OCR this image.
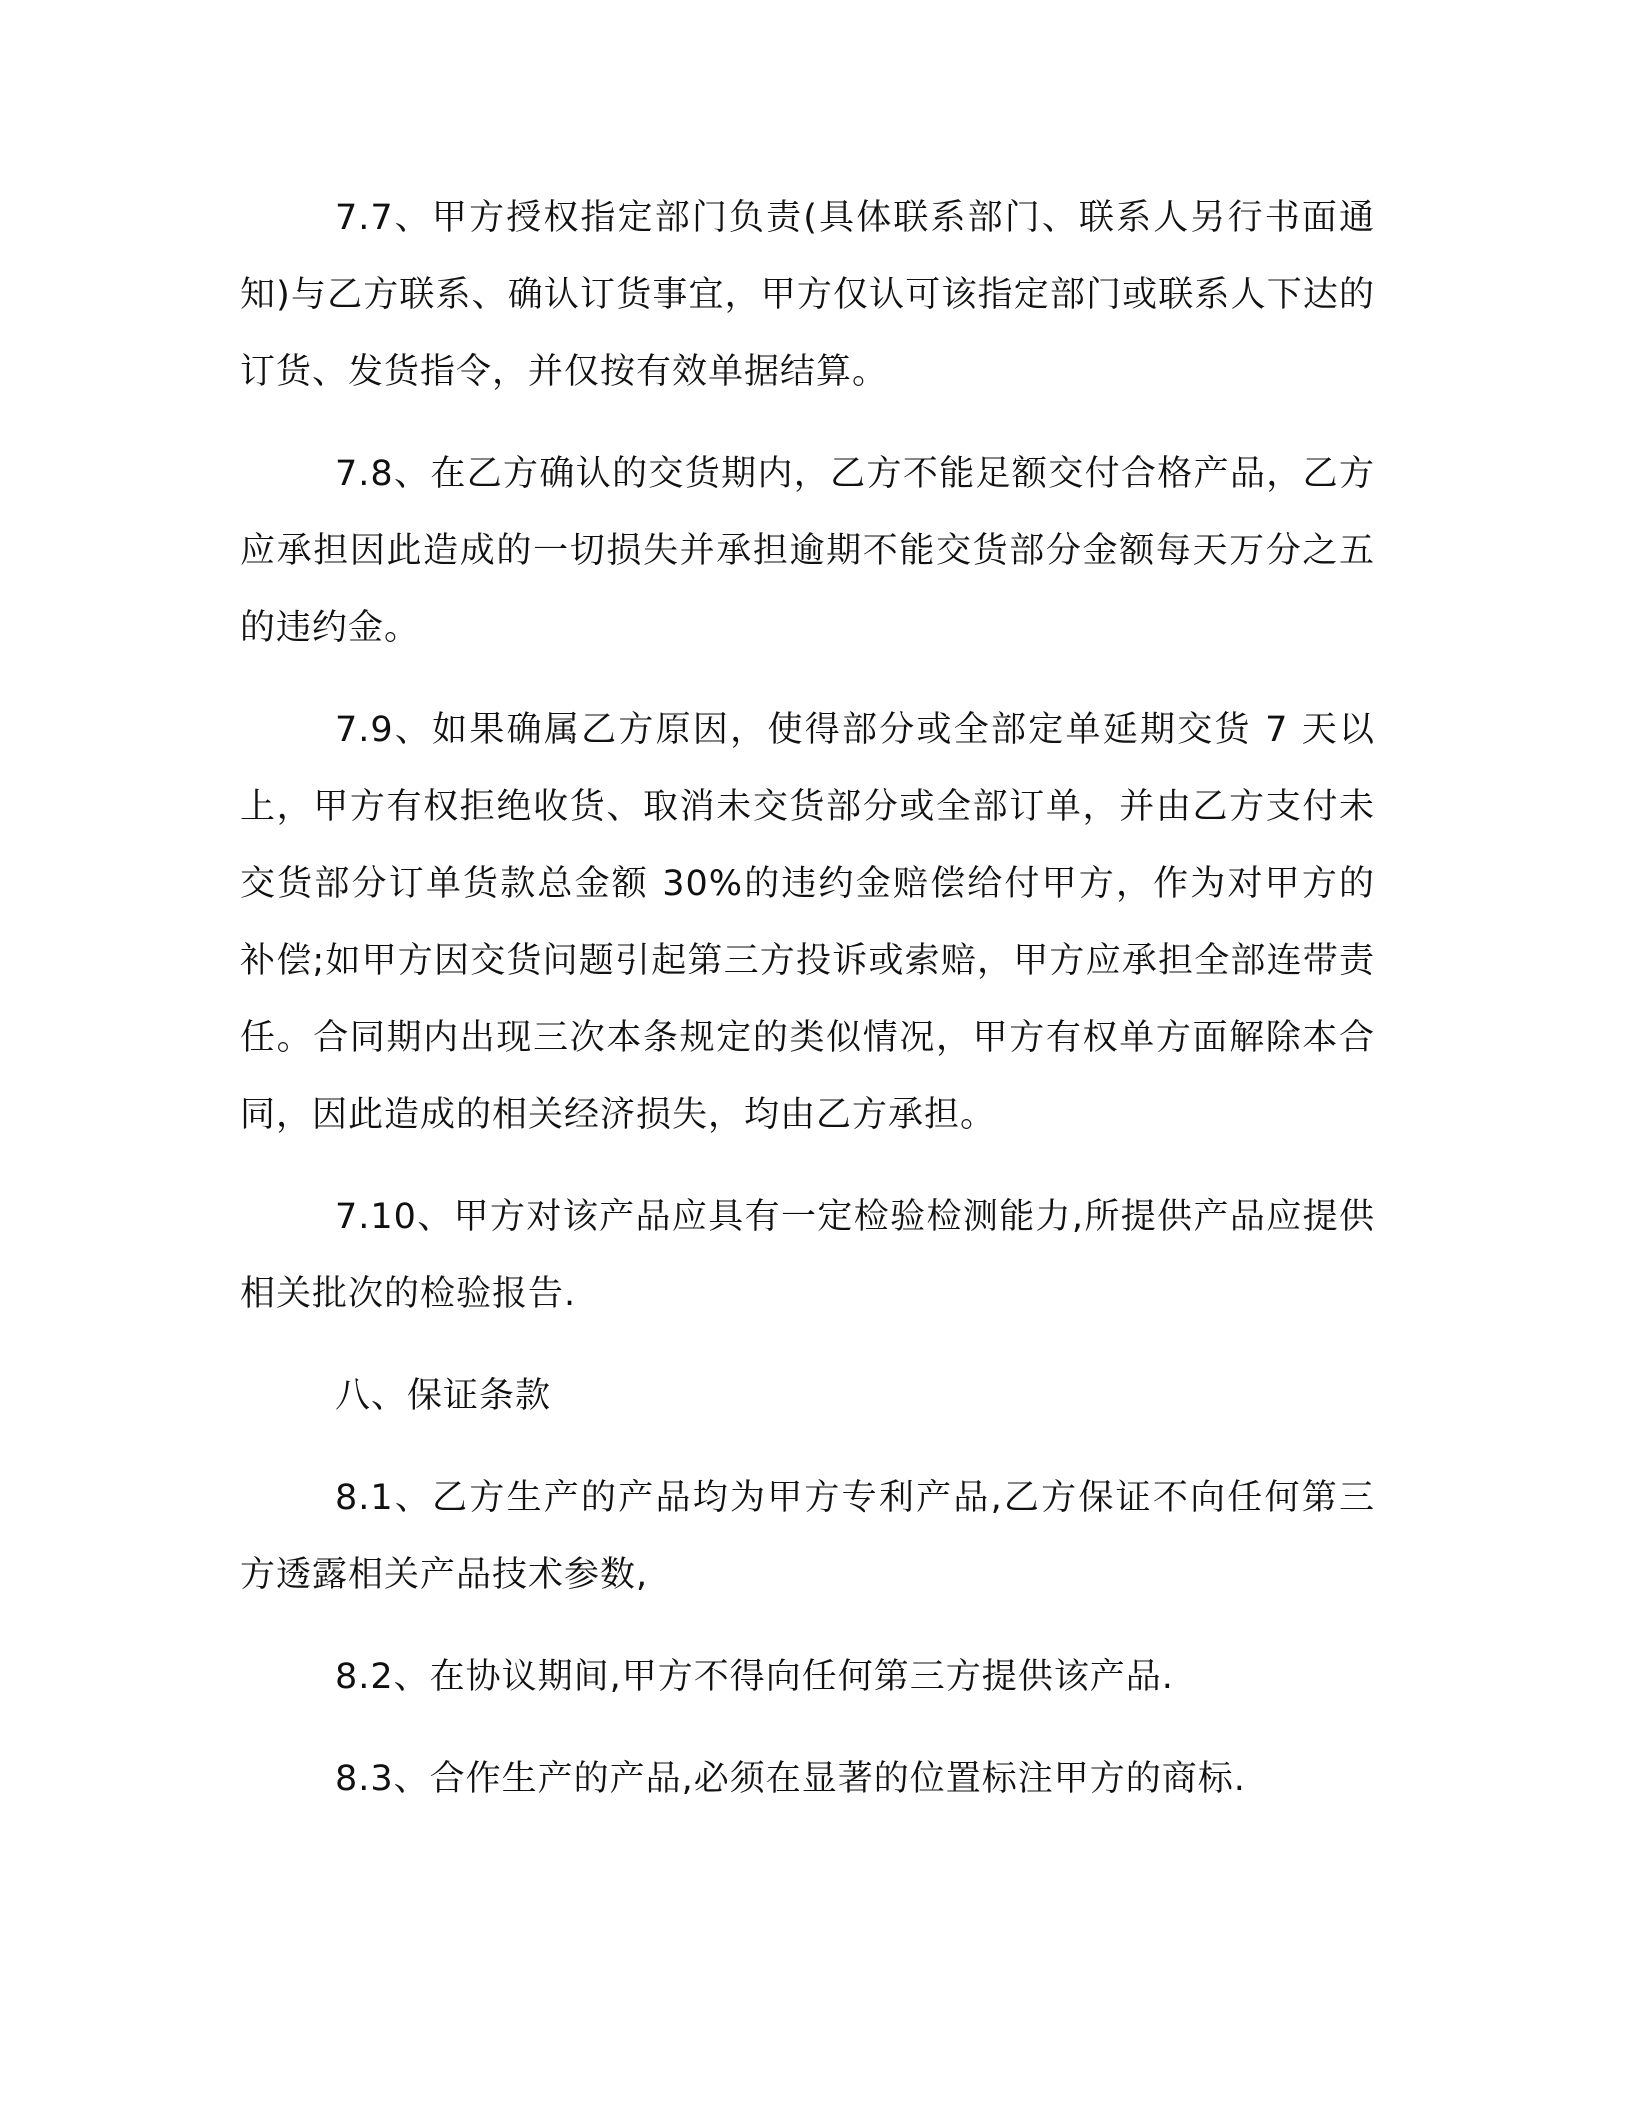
7.7、甲方授权指定部门负责(具体联系部门、联系人另行书面通知)与乙方联系、确认订货事宜，甲方仅认可该指定部门或联系人下达的订货、发货指令，并仅按有效单据结算。

7.8、在乙方确认的交货期内，乙方不能足额交付合格产品，乙方应承担因此造成的一切损失并承担逾期不能交货部分金额每天万分之五的违约金。

7.9、如果确属乙方原因，使得部分或全部定单延期交货 7 天以上，甲方有权拒绝收货、取消未交货部分或全部订单，并由乙方支付未交货部分订单货款总金额 30%的违约金赔偿给付甲方，作为对甲方的补偿;如甲方因交货问题引起第三方投诉或索赔，甲方应承担全部连带责任。合同期内出现三次本条规定的类似情况，甲方有权单方面解除本合同，因此造成的相关经济损失，均由乙方承担。

7.10、甲方对该产品应具有一定检验检测能力,所提供产品应提供相关批次的检验报告.

八、保证条款

8.1、乙方生产的产品均为甲方专利产品,乙方保证不向任何第三方透露相关产品技术参数,

8.2、在协议期间,甲方不得向任何第三方提供该产品.

8.3、合作生产的产品,必须在显著的位置标注甲方的商标.
